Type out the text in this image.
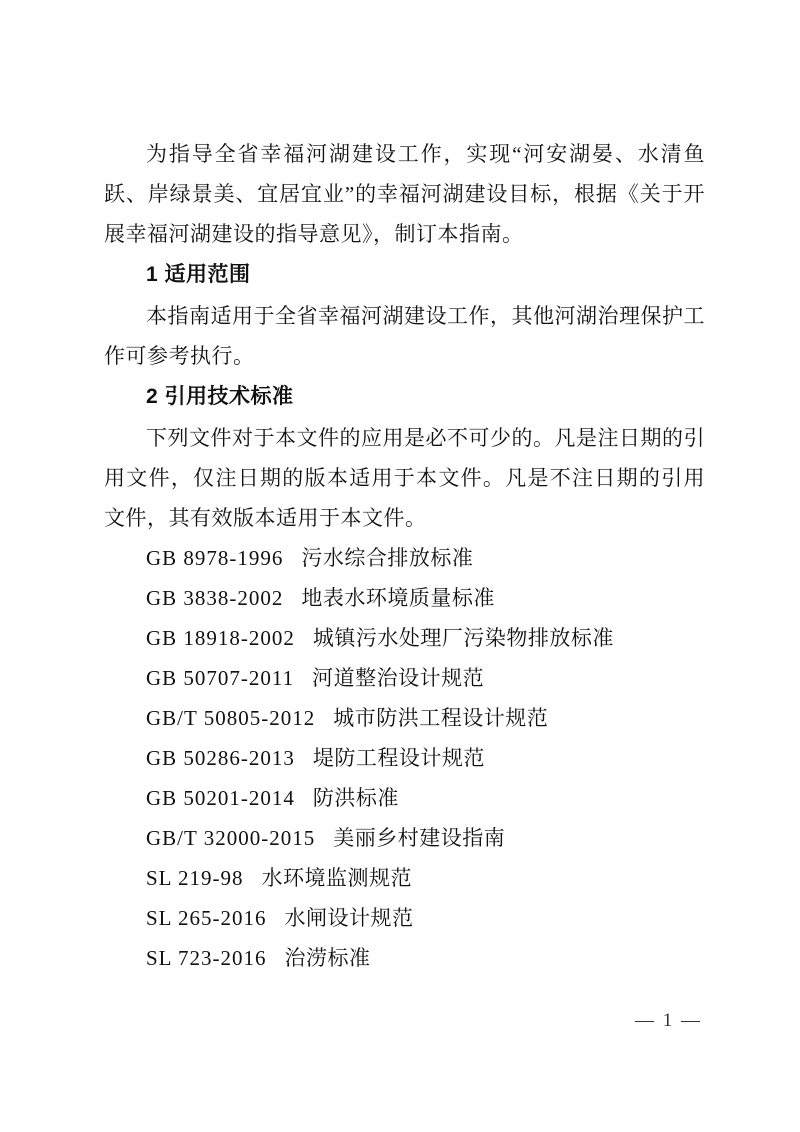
为指导全省幸福河湖建设工作，实现“河安湖晏、水清鱼跃、岸绿景美、宜居宜业”的幸福河湖建设目标，根据《关于开展幸福河湖建设的指导意见》，制订本指南。

1 适用范围

本指南适用于全省幸福河湖建设工作，其他河湖治理保护工作可参考执行。

2 引用技术标准

下列文件对于本文件的应用是必不可少的。凡是注日期的引用文件，仅注日期的版本适用于本文件。凡是不注日期的引用文件，其有效版本适用于本文件。

GB 8978-1996 污水综合排放标准
GB 3838-2002 地表水环境质量标准
GB 18918-2002 城镇污水处理厂污染物排放标准
GB 50707-2011 河道整治设计规范
GB/T 50805-2012 城市防洪工程设计规范
GB 50286-2013 堤防工程设计规范
GB 50201-2014 防洪标准
GB/T 32000-2015 美丽乡村建设指南
SL 219-98 水环境监测规范
SL 265-2016 水闸设计规范
SL 723-2016 治涝标准
— 1 —
